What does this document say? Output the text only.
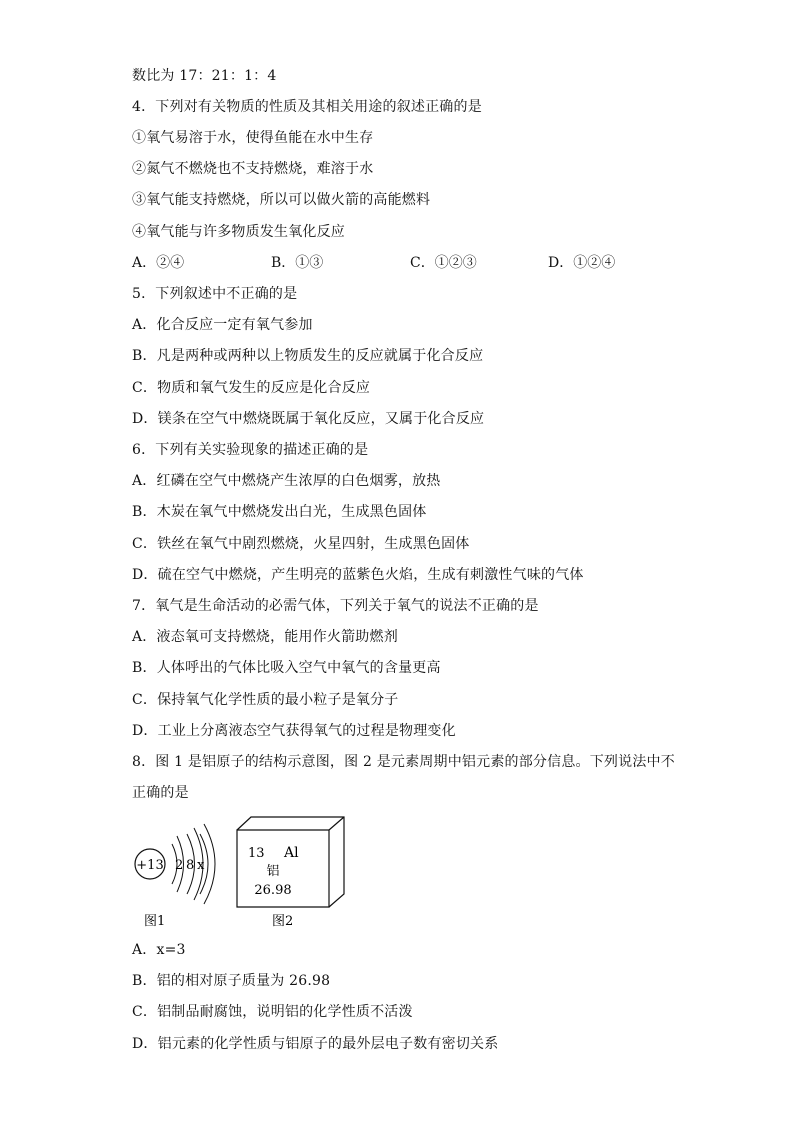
数比为 17：21：1：4
4．下列对有关物质的性质及其相关用途的叙述正确的是
①氧气易溶于水，使得鱼能在水中生存
②氮气不燃烧也不支持燃烧，难溶于水
③氧气能支持燃烧，所以可以做火箭的高能燃料
④氧气能与许多物质发生氧化反应
A．②④	B．①③	C．①②③	D．①②④
5．下列叙述中不正确的是
A．化合反应一定有氧气参加
B．凡是两种或两种以上物质发生的反应就属于化合反应
C．物质和氧气发生的反应是化合反应
D．镁条在空气中燃烧既属于氧化反应，又属于化合反应
6．下列有关实验现象的描述正确的是
A．红磷在空气中燃烧产生浓厚的白色烟雾，放热
B．木炭在氧气中燃烧发出白光，生成黑色固体
C．铁丝在氧气中剧烈燃烧，火星四射，生成黑色固体
D．硫在空气中燃烧，产生明亮的蓝紫色火焰，生成有刺激性气味的气体
7．氧气是生命活动的必需气体，下列关于氧气的说法不正确的是
A．液态氧可支持燃烧，能用作火箭助燃剂
B．人体呼出的气体比吸入空气中氧气的含量更高
C．保持氧气化学性质的最小粒子是氧分子
D．工业上分离液态空气获得氧气的过程是物理变化
8．图 1 是铝原子的结构示意图，图 2 是元素周期中铝元素的部分信息。下列说法中不
正确的是
+13 2 8 x
图1
13 Al
铝
26.98
图2
A．x=3
B．铝的相对原子质量为 26.98
C．铝制品耐腐蚀，说明铝的化学性质不活泼
D．铝元素的化学性质与铝原子的最外层电子数有密切关系
